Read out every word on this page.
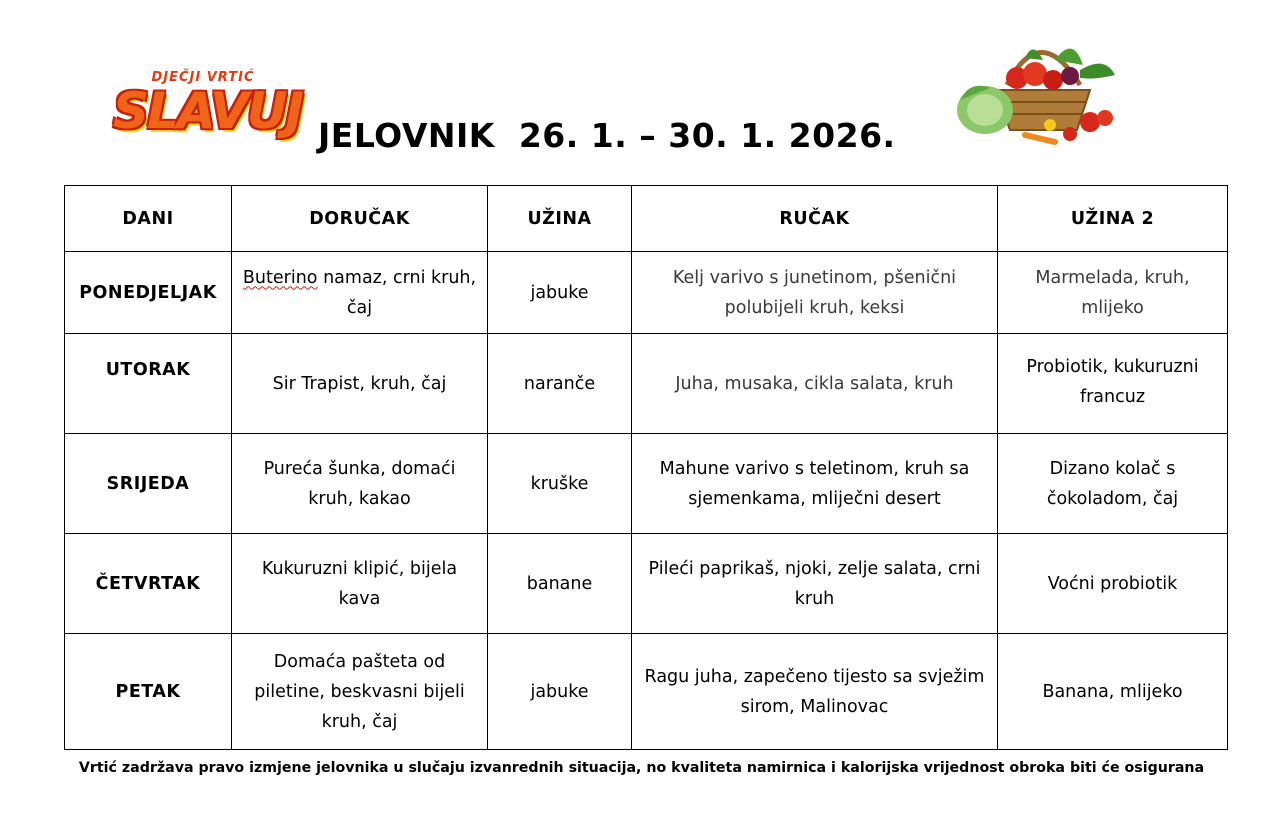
DJEČJI VRTIĆ
SLAVUJ JELOVNIK  26. 1. – 30. 1. 2026.
DANI	DORUČAK	UŽINA	RUČAK	UŽINA 2
PONEDJELJAK	Buterino namaz, crni kruh, čaj	jabuke	Kelj varivo s junetinom, pšenični polubijeli kruh, keksi	Marmelada, kruh, mlijeko
UTORAK	Sir Trapist, kruh, čaj	naranče	Juha, musaka, cikla salata, kruh	Probiotik, kukuruzni francuz
SRIJEDA	Pureća šunka, domaći kruh, kakao	kruške	Mahune varivo s teletinom, kruh sa sjemenkama, mliječni desert	Dizano kolač s čokoladom, čaj
ČETVRTAK	Kukuruzni klipić, bijela kava	banane	Pileći paprikaš, njoki, zelje salata, crni kruh	Voćni probiotik
PETAK	Domaća pašteta od piletine, beskvasni bijeli kruh, čaj	jabuke	Ragu juha, zapečeno tijesto sa svježim sirom, Malinovac	Banana, mlijeko
Vrtić zadržava pravo izmjene jelovnika u slučaju izvanrednih situacija, no kvaliteta namirnica i kalorijska vrijednost obroka biti će osigurana
